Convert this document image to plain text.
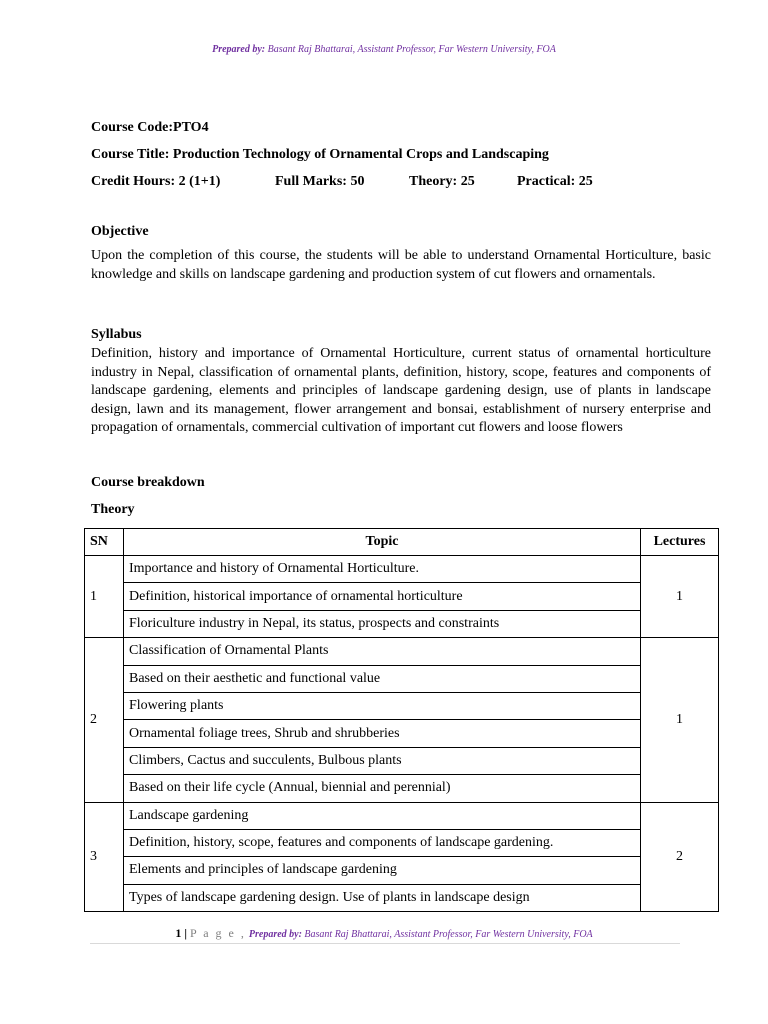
Prepared by: Basant Raj Bhattarai, Assistant Professor, Far Western University, FOA
Course Code:PTO4
Course Title: Production Technology of Ornamental Crops and Landscaping
Credit Hours: 2 (1+1)	Full Marks: 50	Theory: 25	Practical: 25
Objective
Upon the completion of this course, the students will be able to understand Ornamental Horticulture, basic knowledge and skills on landscape gardening and production system of cut flowers and ornamentals.
Syllabus
Definition, history and importance of Ornamental Horticulture, current status of ornamental horticulture industry in Nepal, classification of ornamental plants, definition, history, scope, features and components of landscape gardening, elements and principles of landscape gardening design, use of plants in landscape design, lawn and its management, flower arrangement and bonsai, establishment of nursery enterprise and propagation of ornamentals, commercial cultivation of important cut flowers and loose flowers
Course breakdown
Theory
SN	Topic	Lectures
1	Importance and history of Ornamental Horticulture.	1
	Definition, historical importance of ornamental horticulture	
	Floriculture industry in Nepal, its status, prospects and constraints	
2	Classification of Ornamental Plants	1
	Based on their aesthetic and functional value	
	Flowering plants	
	Ornamental foliage trees, Shrub and shrubberies	
	Climbers, Cactus and succulents, Bulbous plants	
	Based on their life cycle (Annual, biennial and perennial)	
3	Landscape gardening	2
	Definition, history, scope, features and components of landscape gardening.	
	Elements and principles of landscape gardening	
	Types of landscape gardening design. Use of plants in landscape design	
1 | P a g e , Prepared by: Basant Raj Bhattarai, Assistant Professor, Far Western University, FOA
